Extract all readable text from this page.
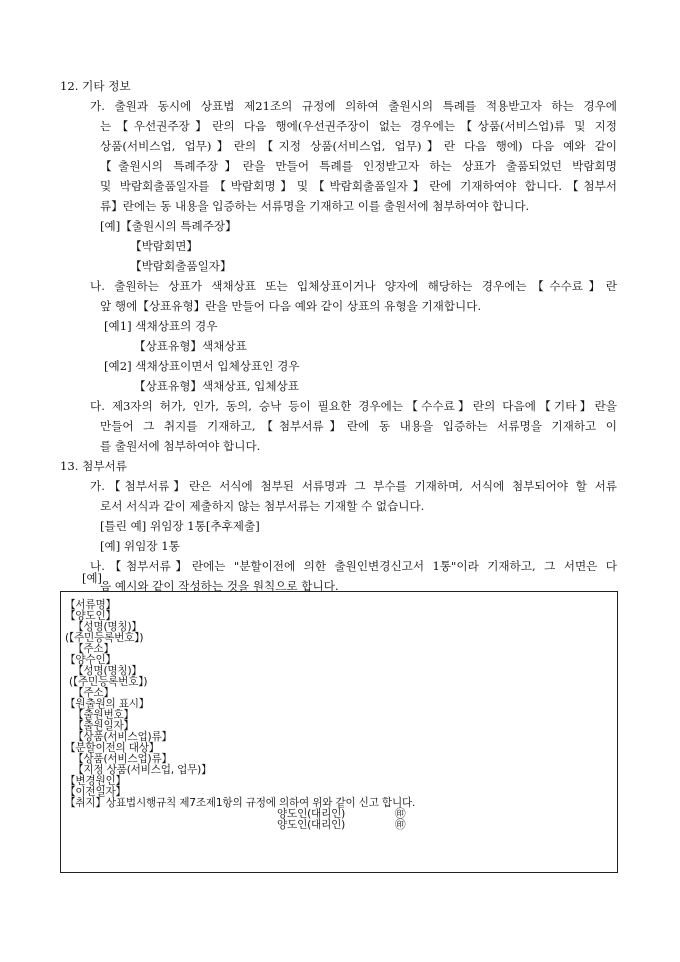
12. 기타 정보
가. 출원과 동시에 상표법 제21조의 규정에 의하여 출원시의 특례를 적용받고자 하는 경우에
는【우선권주장】란의 다음 행에(우선권주장이 없는 경우에는【상품(서비스업)류 및 지정
상품(서비스업, 업무)】란의【지정 상품(서비스업, 업무)】란 다음 행에) 다음 예와 같이
【출원시의 특례주장】란을 만들어 특례를 인정받고자 하는 상표가 출품되었던 박람회명
및 박람회출품일자를【박람회명】및【박람회출품일자】란에 기재하여야 합니다.【첨부서
류】란에는 동 내용을 입증하는 서류명을 기재하고 이를 출원서에 첨부하여야 합니다.
[예]【출원시의 특례주장】
【박람회면】
【박람회출품일자】
나. 출원하는 상표가 색채상표 또는 입체상표이거나 양자에 해당하는 경우에는【수수료】란
앞 행에【상표유형】란을 만들어 다음 예와 같이 상표의 유형을 기재합니다.
[예1] 색채상표의 경우
【상표유형】색채상표
[예2] 색채상표이면서 입체상표인 경우
【상표유형】색채상표, 입체상표
다. 제3자의 허가, 인가, 동의, 승낙 등이 필요한 경우에는【수수료】란의 다음에【기타】란을
만들어 그 취지를 기재하고,【첨부서류】란에 동 내용을 입증하는 서류명을 기재하고 이
를 출원서에 첨부하여야 합니다.
13. 첨부서류
가.【첨부서류】란은 서식에 첨부된 서류명과 그 부수를 기재하며, 서식에 첨부되어야 할 서류
로서 서식과 같이 제출하지 않는 첨부서류는 기재할 수 없습니다.
[틀린 예] 위임장 1통[추후제출]
[예] 위임장 1통
나.【첨부서류】란에는 "분할이전에 의한 출원인변경신고서 1통"이라 기재하고, 그 서면은 다
음 예시와 같이 작성하는 것을 원칙으로 합니다.
【서류명】
【양도인】
【성명(명칭)】
(【주민등록번호】)
【주소】
【양수인】
【성명(명칭)】
(【주민등록번호】)
【주소】
【원출원의 표시】
【출원번호】
【출원일자】
【상품(서비스업)류】
【분할이전의 대상】
【상품(서비스업)류】
【지정 상품(서비스업, 업무)】
【변경원인】
【이전일자】
【취지】상표법시행규칙 제7조제1항의 규정에 의하여 위와 같이 신고 합니다.
양도인(대리인)	㊞
양도인(대리인)	㊞
[예]
